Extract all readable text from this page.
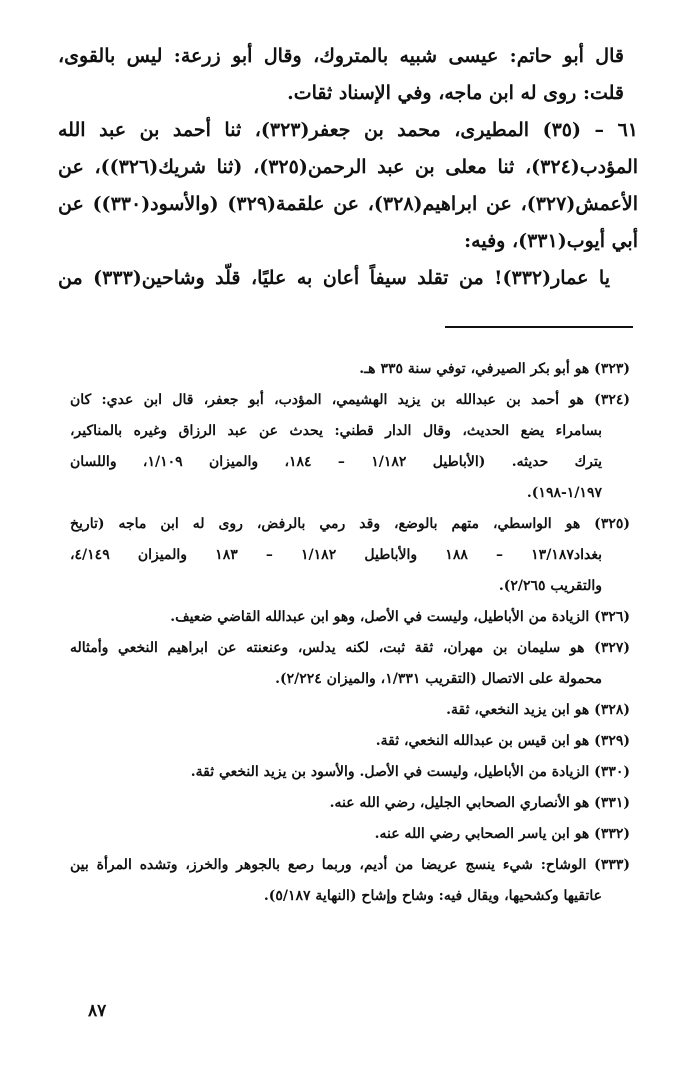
قال أبو حاتم: عيسى شبيه بالمتروك، وقال أبو زرعة: ليس بالقوى،
قلت: روى له ابن ماجه، وفي الإسناد ثقات.
٦١ – (٣٥) المطيرى، محمد بن جعفر(٣٢٣)، ثنا أحمد بن عبد الله
المؤدب(٣٢٤)، ثنا معلى بن عبد الرحمن(٣٢٥)، (ثنا شريك(٣٢٦))، عن
الأعمش(٣٢٧)، عن ابراهيم(٣٢٨)، عن علقمة(٣٢٩) (والأسود(٣٣٠)) عن
أبي أيوب(٣٣١)، وفيه:
يا عمار(٣٣٢)! من تقلد سيفاً أعان به عليًا، قلّد وشاحين(٣٣٣) من
(٣٢٣) هو أبو بكر الصيرفي، توفي سنة ٣٣٥ هـ.
(٣٢٤) هو أحمد بن عبدالله بن يزيد الهشيمي، المؤدب، أبو جعفر، قال ابن عدي: كان
بسامراء يضع الحديث، وقال الدار قطني: يحدث عن عبد الرزاق وغيره بالمناكير،
يترك حديثه. (الأباطيل ١/١٨٢ – ١٨٤، والميزان ١/١٠٩، واللسان
١/١٩٧-١٩٨).
(٣٢٥) هو الواسطي، متهم بالوضع، وقد رمي بالرفض، روى له ابن ماجه (تاريخ
بغداد١٣/١٨٧ – ١٨٨ والأباطيل ١/١٨٢ – ١٨٣ والميزان ٤/١٤٩،
والتقريب ٢/٢٦٥).
(٣٢٦) الزيادة من الأباطيل، وليست في الأصل، وهو ابن عبدالله القاضي ضعيف.
(٣٢٧) هو سليمان بن مهران، ثقة ثبت، لكنه يدلس، وعنعنته عن ابراهيم النخعي وأمثاله
محمولة على الاتصال (التقريب ١/٣٣١، والميزان ٢/٢٢٤).
(٣٢٨) هو ابن يزيد النخعي، ثقة.
(٣٢٩) هو ابن قيس بن عبدالله النخعي، ثقة.
(٣٣٠) الزيادة من الأباطيل، وليست في الأصل. والأسود بن يزيد النخعي ثقة.
(٣٣١) هو الأنصاري الصحابي الجليل، رضي الله عنه.
(٣٣٢) هو ابن ياسر الصحابي رضي الله عنه.
(٣٣٣) الوشاح: شيء ينسج عريضا من أديم، وربما رصع بالجوهر والخرز، وتشده المرأة بين
عاتقيها وكشحيها، ويقال فيه: وشاح وإشاح (النهاية ٥/١٨٧).
٨٧
